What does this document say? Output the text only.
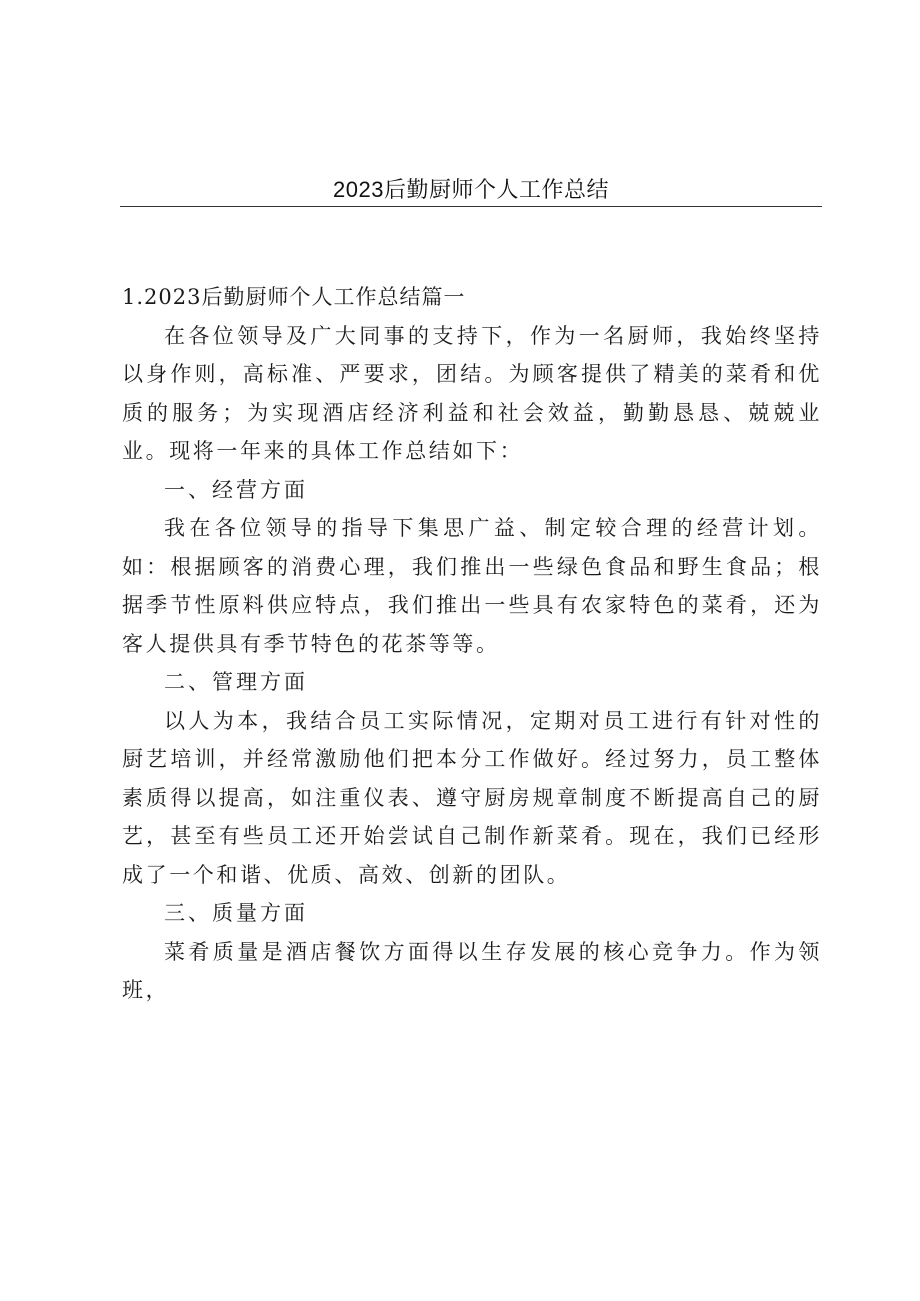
2023后勤厨师个人工作总结

1.2023后勤厨师个人工作总结篇一

在各位领导及广大同事的支持下，作为一名厨师，我始终坚持以身作则，高标准、严要求，团结。为顾客提供了精美的菜肴和优质的服务；为实现酒店经济利益和社会效益，勤勤恳恳、兢兢业业。现将一年来的具体工作总结如下：

一、经营方面

我在各位领导的指导下集思广益、制定较合理的经营计划。如：根据顾客的消费心理，我们推出一些绿色食品和野生食品；根据季节性原料供应特点，我们推出一些具有农家特色的菜肴，还为客人提供具有季节特色的花茶等等。

二、管理方面

以人为本，我结合员工实际情况，定期对员工进行有针对性的厨艺培训，并经常激励他们把本分工作做好。经过努力，员工整体素质得以提高，如注重仪表、遵守厨房规章制度不断提高自己的厨艺，甚至有些员工还开始尝试自己制作新菜肴。现在，我们已经形成了一个和谐、优质、高效、创新的团队。

三、质量方面

菜肴质量是酒店餐饮方面得以生存发展的核心竞争力。作为领班，
